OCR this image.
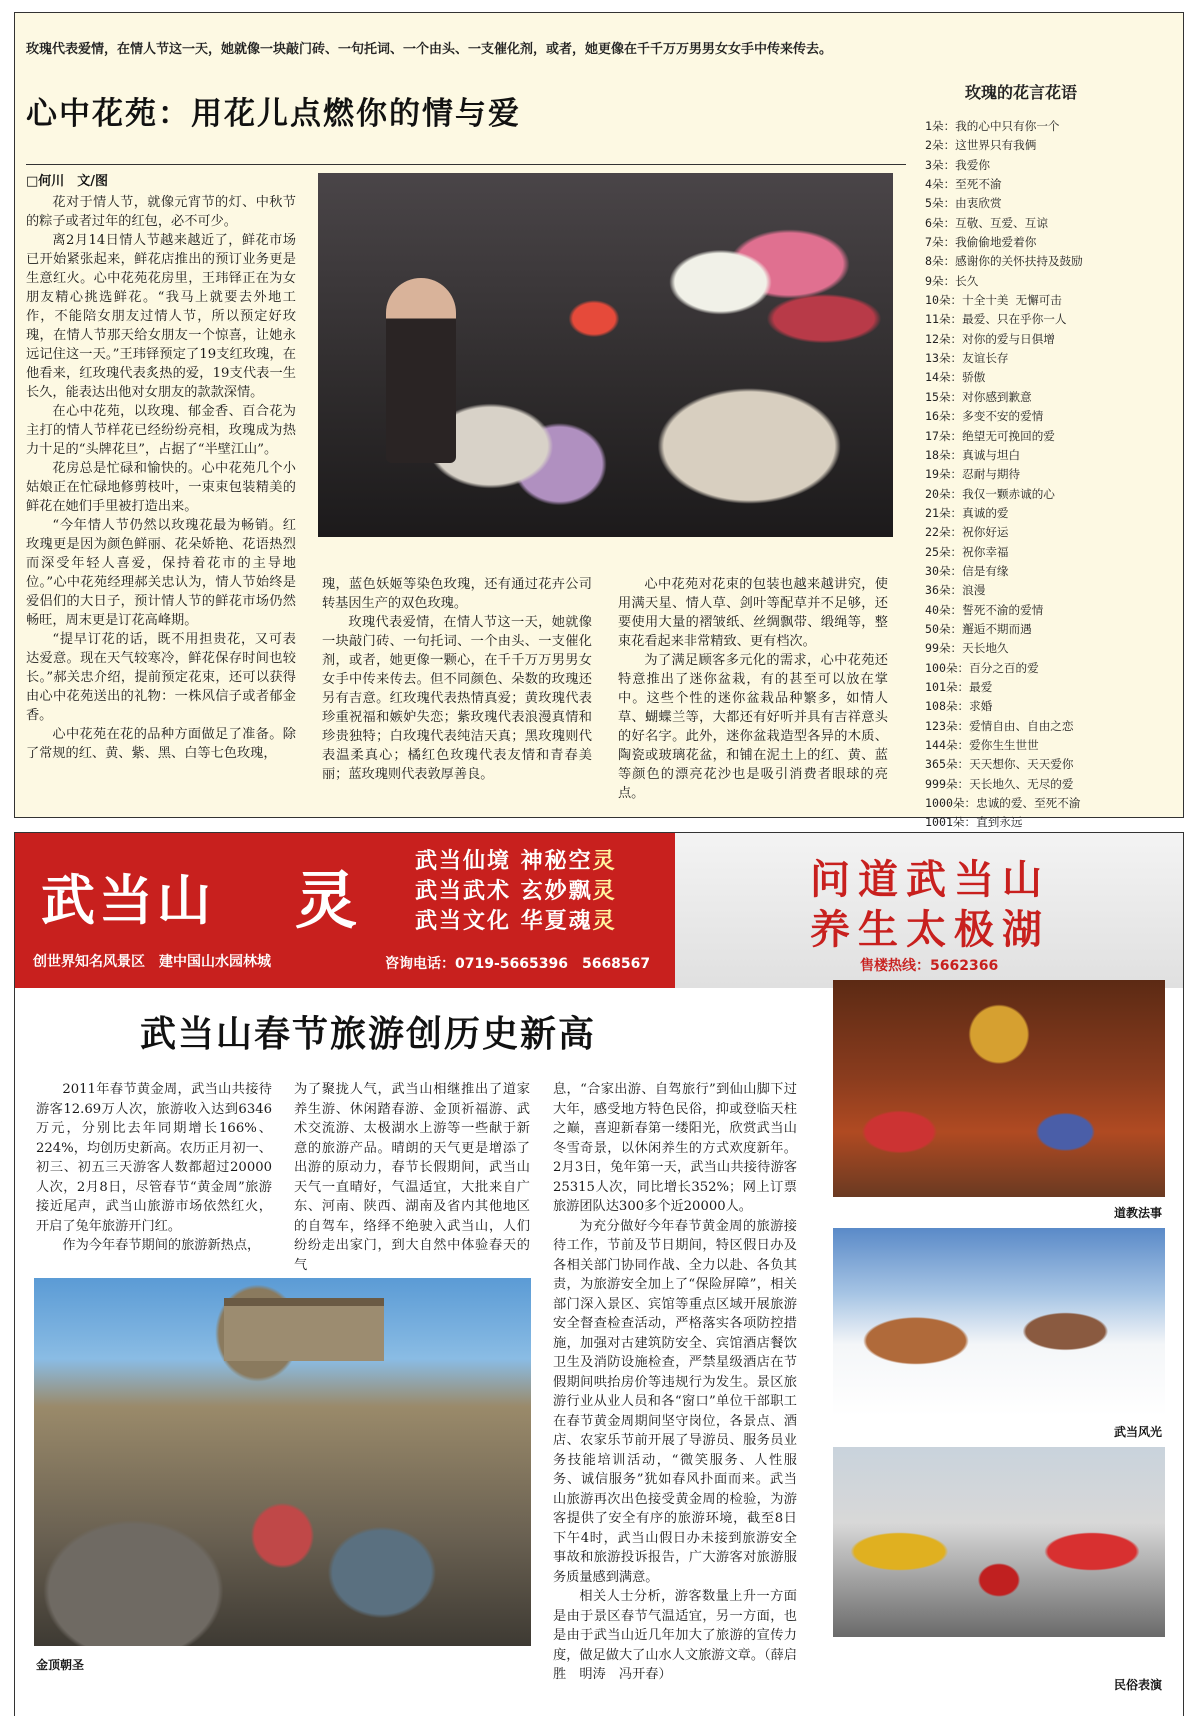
玫瑰代表爱情，在情人节这一天，她就像一块敲门砖、一句托词、一个由头、一支催化剂，或者，她更像在千千万万男男女女手中传来传去。
心中花苑：用花儿点燃你的情与爱
□何川　文/图

花对于情人节，就像元宵节的灯、中秋节的粽子或者过年的红包，必不可少。

离2月14日情人节越来越近了，鲜花市场已开始紧张起来，鲜花店推出的预订业务更是生意红火。心中花苑花房里，王玮铎正在为女朋友精心挑选鲜花。“我马上就要去外地工作，不能陪女朋友过情人节，所以预定好玫瑰，在情人节那天给女朋友一个惊喜，让她永远记住这一天。”王玮铎预定了19支红玫瑰，在他看来，红玫瑰代表炙热的爱，19支代表一生长久，能表达出他对女朋友的款款深情。

在心中花苑，以玫瑰、郁金香、百合花为主打的情人节样花已经纷纷亮相，玫瑰成为热力十足的“头牌花旦”，占据了“半壁江山”。

花房总是忙碌和愉快的。心中花苑几个小姑娘正在忙碌地修剪枝叶，一束束包装精美的鲜花在她们手里被打造出来。

“今年情人节仍然以玫瑰花最为畅销。红玫瑰更是因为颜色鲜丽、花朵娇艳、花语热烈而深受年轻人喜爱，保持着花市的主导地位。”心中花苑经理郝关忠认为，情人节始终是爱侣们的大日子，预计情人节的鲜花市场仍然畅旺，周末更是订花高峰期。

“提早订花的话，既不用担贵花，又可表达爱意。现在天气较寒冷，鲜花保存时间也较长。”郝关忠介绍，提前预定花束，还可以获得由心中花苑送出的礼物：一株风信子或者郁金香。

心中花苑在花的品种方面做足了准备。除了常规的红、黄、紫、黑、白等七色玫瑰，

瑰，蓝色妖姬等染色玫瑰，还有通过花卉公司转基因生产的双色玫瑰。

玫瑰代表爱情，在情人节这一天，她就像一块敲门砖、一句托词、一个由头、一支催化剂，或者，她更像一颗心，在千千万万男男女女手中传来传去。但不同颜色、朵数的玫瑰还另有吉意。红玫瑰代表热情真爱；黄玫瑰代表珍重祝福和嫉妒失恋；紫玫瑰代表浪漫真情和珍贵独特；白玫瑰代表纯洁天真；黑玫瑰则代表温柔真心；橘红色玫瑰代表友情和青春美丽；蓝玫瑰则代表敦厚善良。

心中花苑对花束的包装也越来越讲究，使用满天星、情人草、剑叶等配草并不足够，还要使用大量的褶皱纸、丝绸飘带、缎绳等，整束花看起来非常精致、更有档次。

为了满足顾客多元化的需求，心中花苑还特意推出了迷你盆栽，有的甚至可以放在掌中。这些个性的迷你盆栽品种繁多，如情人草、蝴蝶兰等，大都还有好听并具有吉祥意头的好名字。此外，迷你盆栽造型各异的木质、陶瓷或玻璃花盆，和铺在泥土上的红、黄、蓝等颜色的漂亮花沙也是吸引消费者眼球的亮点。

玫瑰的花言花语
1朵：我的心中只有你一个
2朵：这世界只有我俩
3朵：我爱你
4朵：至死不渝
5朵：由衷欣赏
6朵：互敬、互爱、互谅
7朵：我偷偷地爱着你
8朵：感谢你的关怀扶持及鼓励
9朵：长久
10朵：十全十美 无懈可击
11朵：最爱、只在乎你一人
12朵：对你的爱与日俱增
13朵：友谊长存
14朵：骄傲
15朵：对你感到歉意
16朵：多变不安的爱情
17朵：绝望无可挽回的爱
18朵：真诚与坦白
19朵：忍耐与期待
20朵：我仅一颗赤诚的心
21朵：真诚的爱
22朵：祝你好运
25朵：祝你幸福
30朵：信是有缘
36朵：浪漫
40朵：誓死不渝的爱情
50朵：邂逅不期而遇
99朵：天长地久
100朵：百分之百的爱
101朵：最爱
108朵：求婚
123朵：爱情自由、自由之恋
144朵：爱你生生世世
365朵：天天想你、天天爱你
999朵：天长地久、无尽的爱
1000朵：忠诚的爱、至死不渝
1001朵：直到永远
武当山 灵
武当仙境 神秘空灵
武当武术 玄妙飘灵
武当文化 华夏魂灵
创世界知名风景区　建中国山水园林城	咨询电话：0719-5665396　5668567
问道武当山
养生太极湖
售楼热线：5662366
武当山春节旅游创历史新高

2011年春节黄金周，武当山共接待游客12.69万人次，旅游收入达到6346万元，分别比去年同期增长166%、224%，均创历史新高。农历正月初一、初三、初五三天游客人数都超过20000人次，2月8日，尽管春节“黄金周”旅游接近尾声，武当山旅游市场依然红火，开启了兔年旅游开门红。

作为今年春节期间的旅游新热点，

为了聚拢人气，武当山相继推出了道家养生游、休闲踏春游、金顶祈福游、武术交流游、太极湖水上游等一些献于新意的旅游产品。晴朗的天气更是增添了出游的原动力，春节长假期间，武当山天气一直晴好，气温适宜，大批来自广东、河南、陕西、湖南及省内其他地区的自驾车，络绎不绝驶入武当山，人们纷纷走出家门，到大自然中体验春天的气

息，“合家出游、自驾旅行”到仙山脚下过大年，感受地方特色民俗，抑或登临天柱之巅，喜迎新春第一缕阳光，欣赏武当山冬雪奇景，以休闲养生的方式欢度新年。2月3日，兔年第一天，武当山共接待游客25315人次，同比增长352%；网上订票旅游团队达300多个近20000人。

为充分做好今年春节黄金周的旅游接待工作，节前及节日期间，特区假日办及各相关部门协同作战、全力以赴、各负其责，为旅游安全加上了“保险屏障”，相关部门深入景区、宾馆等重点区域开展旅游安全督查检查活动，严格落实各项防控措施，加强对古建筑防安全、宾馆酒店餐饮卫生及消防设施检查，严禁星级酒店在节假期间哄抬房价等违规行为发生。景区旅游行业从业人员和各“窗口”单位干部职工在春节黄金周期间坚守岗位，各景点、酒店、农家乐节前开展了导游员、服务员业务技能培训活动，“微笑服务、人性服务、诚信服务”犹如春风扑面而来。武当山旅游再次出色接受黄金周的检验，为游客提供了安全有序的旅游环境，截至8日下午4时，武当山假日办未接到旅游安全事故和旅游投诉报告，广大游客对旅游服务质量感到满意。

相关人士分析，游客数量上升一方面是由于景区春节气温适宜，另一方面，也是由于武当山近几年加大了旅游的宣传力度，做足做大了山水人文旅游文章。（薛启胜　明涛　冯开春）

金顶朝圣
道教法事
武当风光
民俗表演
